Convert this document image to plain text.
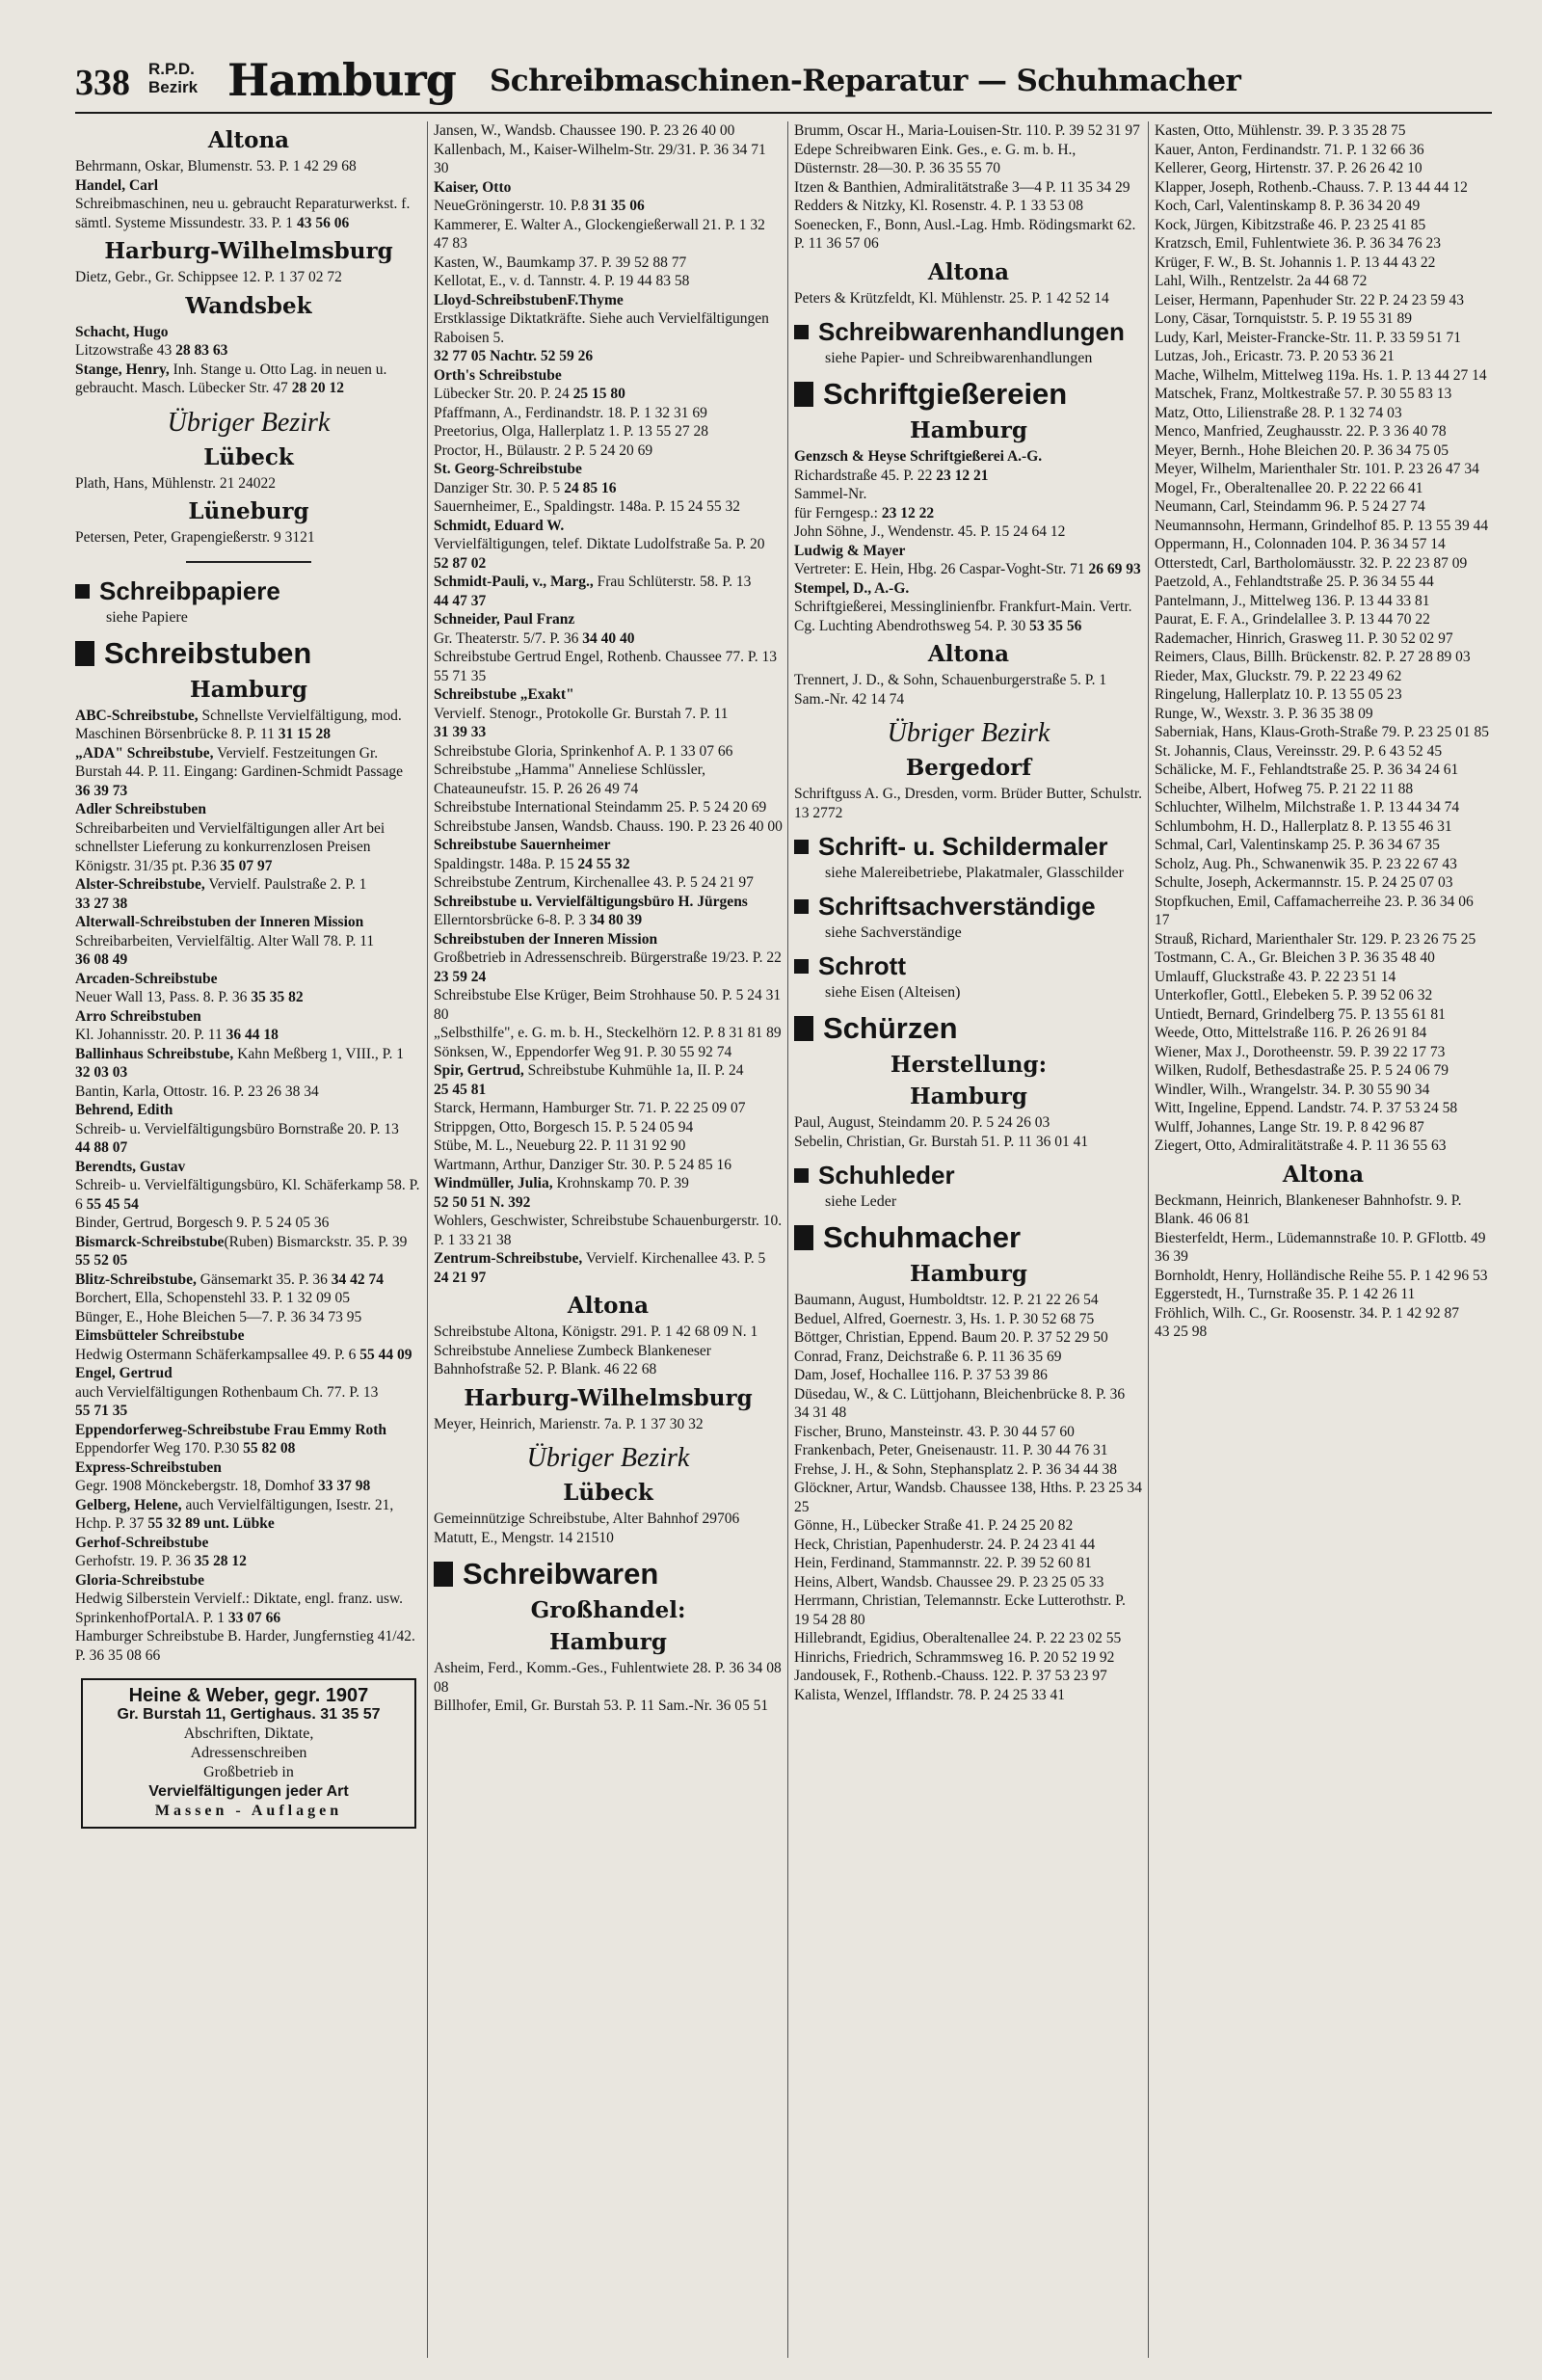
338 R.P.D.
Bezirk Hamburg Schreibmaschinen-Reparatur — Schuhmacher
Altona

Behrmann, Oskar, Blumenstr. 53. P. 1 42 29 68

Handel, Carl
Schreibmaschinen, neu u. gebraucht Reparaturwerkst. f. sämtl. Systeme Missundestr. 33. P. 1 43 56 06

Harburg-Wilhelmsburg

Dietz, Gebr., Gr. Schippsee 12. P. 1 37 02 72

Wandsbek

Schacht, Hugo
Litzowstraße 43 28 83 63

Stange, Henry, Inh. Stange u. Otto Lag. in neuen u. gebraucht. Masch. Lübecker Str. 47 28 20 12

Übriger Bezirk
Lübeck

Plath, Hans, Mühlenstr. 21 24022

Lüneburg

Petersen, Peter, Grapengießerstr. 9 3121

Schreibpapiere
siehe Papiere
Schreibstuben
Hamburg

ABC-Schreibstube, Schnellste Vervielfältigung, mod. Maschinen Börsenbrücke 8. P. 11 31 15 28

„ADA" Schreibstube, Vervielf. Festzeitungen Gr. Burstah 44. P. 11. Eingang: Gardinen-Schmidt Passage 36 39 73

Adler Schreibstuben
Schreibarbeiten und Vervielfältigungen aller Art bei schnellster Lieferung zu konkurrenzlosen Preisen Königstr. 31/35 pt. P.36 35 07 97

Alster-Schreibstube, Vervielf. Paulstraße 2. P. 1 33 27 38

Alterwall-Schreibstuben der Inneren Mission
Schreibarbeiten, Vervielfältig. Alter Wall 78. P. 11 36 08 49

Arcaden-Schreibstube
Neuer Wall 13, Pass. 8. P. 36 35 35 82

Arro Schreibstuben
Kl. Johannisstr. 20. P. 11 36 44 18

Ballinhaus Schreibstube, Kahn Meßberg 1, VIII., P. 1 32 03 03

Bantin, Karla, Ottostr. 16. P. 23 26 38 34

Behrend, Edith
Schreib- u. Vervielfältigungsbüro Bornstraße 20. P. 13 44 88 07

Berendts, Gustav
Schreib- u. Vervielfältigungsbüro, Kl. Schäferkamp 58. P. 6 55 45 54

Binder, Gertrud, Borgesch 9. P. 5 24 05 36

Bismarck-Schreibstube(Ruben) Bismarckstr. 35. P. 39 55 52 05

Blitz-Schreibstube, Gänsemarkt 35. P. 36 34 42 74

Borchert, Ella, Schopenstehl 33. P. 1 32 09 05

Bünger, E., Hohe Bleichen 5—7. P. 36 34 73 95

Eimsbütteler Schreibstube
Hedwig Ostermann Schäferkampsallee 49. P. 6 55 44 09

Engel, Gertrud
auch Vervielfältigungen Rothenbaum Ch. 77. P. 13 55 71 35

Eppendorferweg-Schreibstube Frau Emmy Roth
Eppendorfer Weg 170. P.30 55 82 08

Express-Schreibstuben
Gegr. 1908 Mönckebergstr. 18, Domhof 33 37 98

Gelberg, Helene, auch Vervielfältigungen, Isestr. 21, Hchp. P. 37 55 32 89 unt. Lübke

Gerhof-Schreibstube
Gerhofstr. 19. P. 36 35 28 12

Gloria-Schreibstube
Hedwig Silberstein Vervielf.: Diktate, engl. franz. usw. SprinkenhofPortalA. P. 1 33 07 66

Hamburger Schreibstube B. Harder, Jungfernstieg 41/42. P. 36 35 08 66

Heine & Weber, gegr. 1907
Gr. Burstah 11, Gertighaus. 31 35 57
Abschriften, Diktate,
Adressenschreiben
Großbetrieb in
Vervielfältigungen jeder Art
Massen - Auflagen

Jansen, W., Wandsb. Chaussee 190. P. 23 26 40 00

Kallenbach, M., Kaiser-Wilhelm-Str. 29/31. P. 36 34 71 30

Kaiser, Otto
NeueGröningerstr. 10. P.8 31 35 06

Kammerer, E. Walter A., Glockengießerwall 21. P. 1 32 47 83

Kasten, W., Baumkamp 37. P. 39 52 88 77

Kellotat, E., v. d. Tannstr. 4. P. 19 44 83 58

Lloyd-SchreibstubenF.Thyme
Erstklassige Diktatkräfte. Siehe auch Vervielfältigungen Raboisen 5.
32 77 05 Nachtr. 52 59 26

Orth's Schreibstube
Lübecker Str. 20. P. 24 25 15 80

Pfaffmann, A., Ferdinandstr. 18. P. 1 32 31 69

Preetorius, Olga, Hallerplatz 1. P. 13 55 27 28

Proctor, H., Bülaustr. 2 P. 5 24 20 69

St. Georg-Schreibstube
Danziger Str. 30. P. 5 24 85 16

Sauernheimer, E., Spaldingstr. 148a. P. 15 24 55 32

Schmidt, Eduard W.
Vervielfältigungen, telef. Diktate Ludolfstraße 5a. P. 20 52 87 02

Schmidt-Pauli, v., Marg., Frau Schlüterstr. 58. P. 13 44 47 37

Schneider, Paul Franz
Gr. Theaterstr. 5/7. P. 36 34 40 40

Schreibstube Gertrud Engel, Rothenb. Chaussee 77. P. 13 55 71 35

Schreibstube „Exakt"
Vervielf. Stenogr., Protokolle Gr. Burstah 7. P. 11 31 39 33

Schreibstube Gloria, Sprinkenhof A. P. 1 33 07 66

Schreibstube „Hamma" Anneliese Schlüssler, Chateauneufstr. 15. P. 26 26 49 74

Schreibstube International Steindamm 25. P. 5 24 20 69

Schreibstube Jansen, Wandsb. Chauss. 190. P. 23 26 40 00

Schreibstube Sauernheimer
Spaldingstr. 148a. P. 15 24 55 32

Schreibstube Zentrum, Kirchenallee 43. P. 5 24 21 97

Schreibstube u. Vervielfältigungsbüro H. Jürgens
Ellerntorsbrücke 6-8. P. 3 34 80 39

Schreibstuben der Inneren Mission
Großbetrieb in Adressenschreib. Bürgerstraße 19/23. P. 22 23 59 24

Schreibstube Else Krüger, Beim Strohhause 50. P. 5 24 31 80

„Selbsthilfe", e. G. m. b. H., Steckelhörn 12. P. 8 31 81 89

Sönksen, W., Eppendorfer Weg 91. P. 30 55 92 74

Spir, Gertrud, Schreibstube Kuhmühle 1a, II. P. 24 25 45 81

Starck, Hermann, Hamburger Str. 71. P. 22 25 09 07

Strippgen, Otto, Borgesch 15. P. 5 24 05 94

Stübe, M. L., Neueburg 22. P. 11 31 92 90

Wartmann, Arthur, Danziger Str. 30. P. 5 24 85 16

Windmüller, Julia, Krohnskamp 70. P. 39 52 50 51 N. 392

Wohlers, Geschwister, Schreibstube Schauenburgerstr. 10. P. 1 33 21 38

Zentrum-Schreibstube, Vervielf. Kirchenallee 43. P. 5 24 21 97

Altona

Schreibstube Altona, Königstr. 291. P. 1 42 68 09 N. 1

Schreibstube Anneliese Zumbeck Blankeneser Bahnhofstraße 52. P. Blank. 46 22 68

Harburg-Wilhelmsburg

Meyer, Heinrich, Marienstr. 7a. P. 1 37 30 32

Übriger Bezirk
Lübeck

Gemeinnützige Schreibstube, Alter Bahnhof 29706

Matutt, E., Mengstr. 14 21510

Schreibwaren
Großhandel:
Hamburg

Asheim, Ferd., Komm.-Ges., Fuhlentwiete 28. P. 36 34 08 08

Billhofer, Emil, Gr. Burstah 53. P. 11 Sam.-Nr. 36 05 51

Brumm, Oscar H., Maria-Louisen-Str. 110. P. 39 52 31 97

Edepe Schreibwaren Eink. Ges., e. G. m. b. H., Düsternstr. 28—30. P. 36 35 55 70

Itzen & Banthien, Admiralitätstraße 3—4 P. 11 35 34 29

Redders & Nitzky, Kl. Rosenstr. 4. P. 1 33 53 08

Soenecken, F., Bonn, Ausl.-Lag. Hmb. Rödingsmarkt 62. P. 11 36 57 06

Altona

Peters & Krützfeldt, Kl. Mühlenstr. 25. P. 1 42 52 14

Schreibwarenhandlungen
siehe Papier- und Schreibwarenhandlungen
Schriftgießereien
Hamburg

Genzsch & Heyse Schriftgießerei A.-G.
Richardstraße 45. P. 22 23 12 21
Sammel-Nr.
für Ferngesp.: 23 12 22

John Söhne, J., Wendenstr. 45. P. 15 24 64 12

Ludwig & Mayer
Vertreter: E. Hein, Hbg. 26 Caspar-Voght-Str. 71 26 69 93

Stempel, D., A.-G.
Schriftgießerei, Messinglinienfbr. Frankfurt-Main. Vertr. Cg. Luchting Abendrothsweg 54. P. 30 53 35 56

Altona

Trennert, J. D., & Sohn, Schauenburgerstraße 5. P. 1 Sam.-Nr. 42 14 74

Übriger Bezirk
Bergedorf

Schriftguss A. G., Dresden, vorm. Brüder Butter, Schulstr. 13 2772

Schrift- u. Schildermaler
siehe Malereibetriebe, Plakatmaler, Glasschilder
Schriftsachverständige
siehe Sachverständige
Schrott
siehe Eisen (Alteisen)
Schürzen
Herstellung:
Hamburg

Paul, August, Steindamm 20. P. 5 24 26 03

Sebelin, Christian, Gr. Burstah 51. P. 11 36 01 41

Schuhleder
siehe Leder
Schuhmacher
Hamburg

Baumann, August, Humboldtstr. 12. P. 21 22 26 54

Beduel, Alfred, Goernestr. 3, Hs. 1. P. 30 52 68 75

Böttger, Christian, Eppend. Baum 20. P. 37 52 29 50

Conrad, Franz, Deichstraße 6. P. 11 36 35 69

Dam, Josef, Hochallee 116. P. 37 53 39 86

Düsedau, W., & C. Lüttjohann, Bleichenbrücke 8. P. 36 34 31 48

Fischer, Bruno, Mansteinstr. 43. P. 30 44 57 60

Frankenbach, Peter, Gneisenaustr. 11. P. 30 44 76 31

Frehse, J. H., & Sohn, Stephansplatz 2. P. 36 34 44 38

Glöckner, Artur, Wandsb. Chaussee 138, Hths. P. 23 25 34 25

Gönne, H., Lübecker Straße 41. P. 24 25 20 82

Heck, Christian, Papenhuderstr. 24. P. 24 23 41 44

Hein, Ferdinand, Stammannstr. 22. P. 39 52 60 81

Heins, Albert, Wandsb. Chaussee 29. P. 23 25 05 33

Herrmann, Christian, Telemannstr. Ecke Lutterothstr. P. 19 54 28 80

Hillebrandt, Egidius, Oberaltenallee 24. P. 22 23 02 55

Hinrichs, Friedrich, Schrammsweg 16. P. 20 52 19 92

Jandousek, F., Rothenb.-Chauss. 122. P. 37 53 23 97

Kalista, Wenzel, Ifflandstr. 78. P. 24 25 33 41

Kasten, Otto, Mühlenstr. 39. P. 3 35 28 75

Kauer, Anton, Ferdinandstr. 71. P. 1 32 66 36

Kellerer, Georg, Hirtenstr. 37. P. 26 26 42 10

Klapper, Joseph, Rothenb.-Chauss. 7. P. 13 44 44 12

Koch, Carl, Valentinskamp 8. P. 36 34 20 49

Kock, Jürgen, Kibitzstraße 46. P. 23 25 41 85

Kratzsch, Emil, Fuhlentwiete 36. P. 36 34 76 23

Krüger, F. W., B. St. Johannis 1. P. 13 44 43 22

Lahl, Wilh., Rentzelstr. 2a 44 68 72

Leiser, Hermann, Papenhuder Str. 22 P. 24 23 59 43

Lony, Cäsar, Tornquiststr. 5. P. 19 55 31 89

Ludy, Karl, Meister-Francke-Str. 11. P. 33 59 51 71

Lutzas, Joh., Ericastr. 73. P. 20 53 36 21

Mache, Wilhelm, Mittelweg 119a. Hs. 1. P. 13 44 27 14

Matschek, Franz, Moltkestraße 57. P. 30 55 83 13

Matz, Otto, Lilienstraße 28. P. 1 32 74 03

Menco, Manfried, Zeughausstr. 22. P. 3 36 40 78

Meyer, Bernh., Hohe Bleichen 20. P. 36 34 75 05

Meyer, Wilhelm, Marienthaler Str. 101. P. 23 26 47 34

Mogel, Fr., Oberaltenallee 20. P. 22 22 66 41

Neumann, Carl, Steindamm 96. P. 5 24 27 74

Neumannsohn, Hermann, Grindelhof 85. P. 13 55 39 44

Oppermann, H., Colonnaden 104. P. 36 34 57 14

Otterstedt, Carl, Bartholomäusstr. 32. P. 22 23 87 09

Paetzold, A., Fehlandtstraße 25. P. 36 34 55 44

Pantelmann, J., Mittelweg 136. P. 13 44 33 81

Paurat, E. F. A., Grindelallee 3. P. 13 44 70 22

Rademacher, Hinrich, Grasweg 11. P. 30 52 02 97

Reimers, Claus, Billh. Brückenstr. 82. P. 27 28 89 03

Rieder, Max, Gluckstr. 79. P. 22 23 49 62

Ringelung, Hallerplatz 10. P. 13 55 05 23

Runge, W., Wexstr. 3. P. 36 35 38 09

Saberniak, Hans, Klaus-Groth-Straße 79. P. 23 25 01 85

St. Johannis, Claus, Vereinsstr. 29. P. 6 43 52 45

Schälicke, M. F., Fehlandtstraße 25. P. 36 34 24 61

Scheibe, Albert, Hofweg 75. P. 21 22 11 88

Schluchter, Wilhelm, Milchstraße 1. P. 13 44 34 74

Schlumbohm, H. D., Hallerplatz 8. P. 13 55 46 31

Schmal, Carl, Valentinskamp 25. P. 36 34 67 35

Scholz, Aug. Ph., Schwanenwik 35. P. 23 22 67 43

Schulte, Joseph, Ackermannstr. 15. P. 24 25 07 03

Stopfkuchen, Emil, Caffamacherreihe 23. P. 36 34 06 17

Strauß, Richard, Marienthaler Str. 129. P. 23 26 75 25

Tostmann, C. A., Gr. Bleichen 3 P. 36 35 48 40

Umlauff, Gluckstraße 43. P. 22 23 51 14

Unterkofler, Gottl., Elebeken 5. P. 39 52 06 32

Untiedt, Bernard, Grindelberg 75. P. 13 55 61 81

Weede, Otto, Mittelstraße 116. P. 26 26 91 84

Wiener, Max J., Dorotheenstr. 59. P. 39 22 17 73

Wilken, Rudolf, Bethesdastraße 25. P. 5 24 06 79

Windler, Wilh., Wrangelstr. 34. P. 30 55 90 34

Witt, Ingeline, Eppend. Landstr. 74. P. 37 53 24 58

Wulff, Johannes, Lange Str. 19. P. 8 42 96 87

Ziegert, Otto, Admiralitätstraße 4. P. 11 36 55 63

Altona

Beckmann, Heinrich, Blankeneser Bahnhofstr. 9. P. Blank. 46 06 81

Biesterfeldt, Herm., Lüdemannstraße 10. P. GFlottb. 49 36 39

Bornholdt, Henry, Holländische Reihe 55. P. 1 42 96 53

Eggerstedt, H., Turnstraße 35. P. 1 42 26 11

Fröhlich, Wilh. C., Gr. Roosenstr. 34. P. 1 42 92 87

43 25 98
